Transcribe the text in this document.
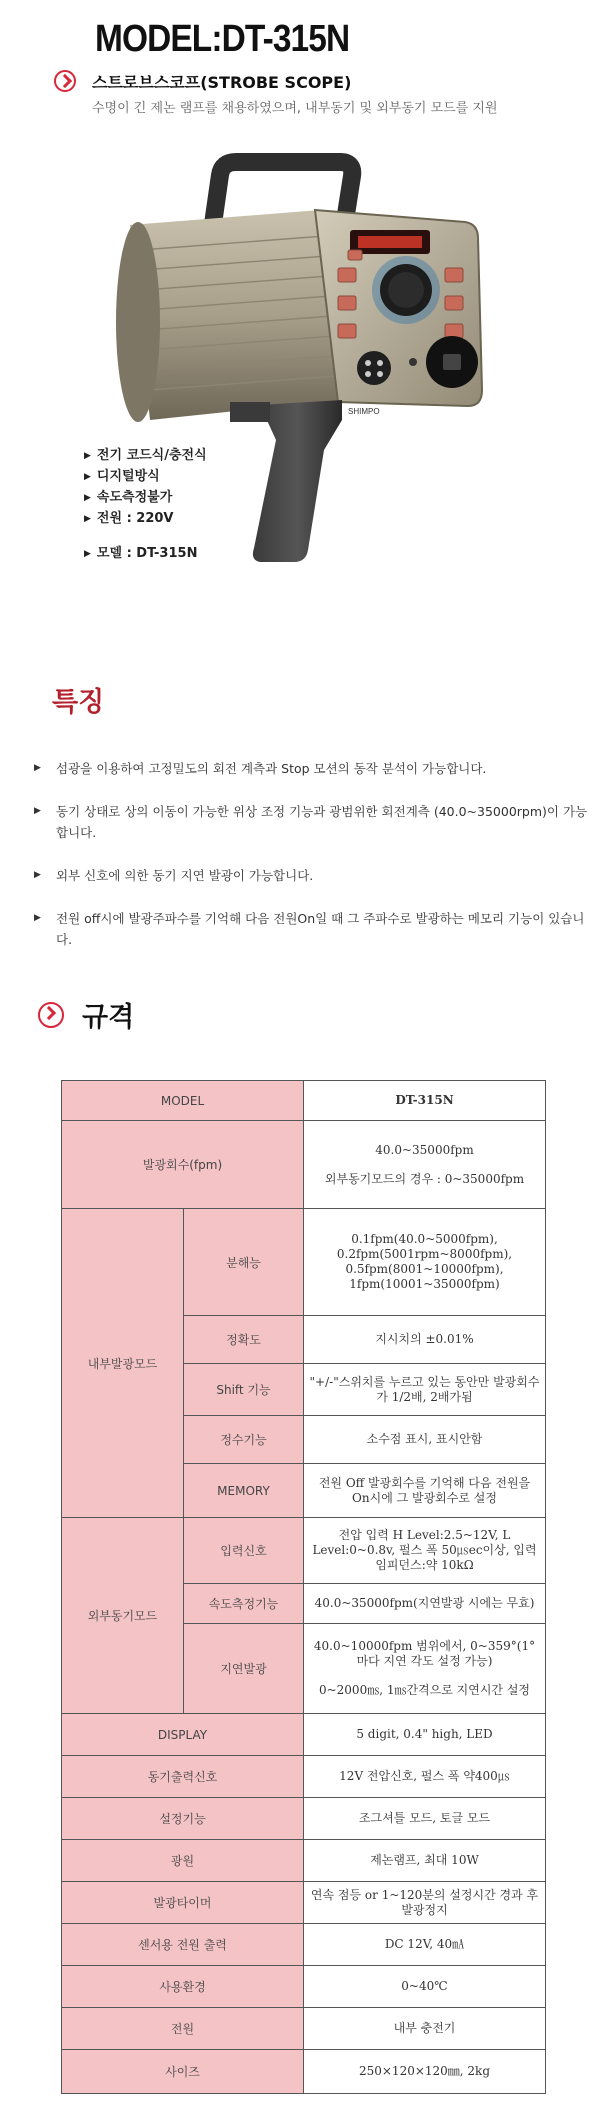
MODEL:DT-315N
스트로브스코프(STROBE SCOPE)
수명이 긴 제논 램프를 채용하였으며, 내부동기 및 외부동기 모드를 지원
SHIMPO
▶ 전기 코드식/충전식
▶ 디지털방식
▶ 속도측정불가
▶ 전원 : 220V
▶ 모델 : DT-315N
특징
▶ 섬광을 이용하여 고정밀도의 회전 계측과 Stop 모션의 동작 분석이 가능합니다.
▶ 동기 상태로 상의 이동이 가능한 위상 조정 기능과 광범위한 회전계측 (40.0~35000rpm)이 가능합니다.
▶ 외부 신호에 의한 동기 지연 발광이 가능합니다.
▶ 전원 off시에 발광주파수를 기억해 다음 전원On일 때 그 주파수로 발광하는 메모리 기능이 있습니다.
규격
MODEL		DT-315N
발광회수(fpm)		40.0~35000fpm
외부동기모드의 경우 : 0~35000fpm
내부발광모드	분해능	0.1fpm(40.0~5000fpm), 0.2fpm(5001rpm~8000fpm), 0.5fpm(8001~10000fpm), 1fpm(10001~35000fpm)
	정확도	지시치의 ±0.01%
	Shift 기능	"+/-"스위치를 누르고 있는 동안만 발광회수가 1/2배, 2배가됨
	정수기능	소수점 표시, 표시안함
	MEMORY	전원 Off 발광회수를 기억해 다음 전원을 On시에 그 발광회수로 설정
외부동기모드	입력신호	전압 입력 H Level:2.5~12V, L Level:0~0.8v, 펄스 폭 50㎲ec이상, 입력 임피던스:약 10kΩ
	속도측정기능	40.0~35000fpm(지연발광 시에는 무효)
	지연발광	40.0~10000fpm 범위에서, 0~359°(1° 마다 지연 각도 설정 가능)
0~2000㎳, 1㎳간격으로 지연시간 설정
DISPLAY		5 digit, 0.4" high, LED
동기출력신호		12V 전압신호, 펄스 폭 약400㎲
설정기능		조그셔틀 모드, 토글 모드
광원		제논램프, 최대 10W
발광타이머		연속 점등 or 1~120분의 설정시간 경과 후 발광정지
센서용 전원 출력		DC 12V, 40㎃
사용환경		0~40℃
전원		내부 충전기
사이즈		250×120×120㎜, 2kg
